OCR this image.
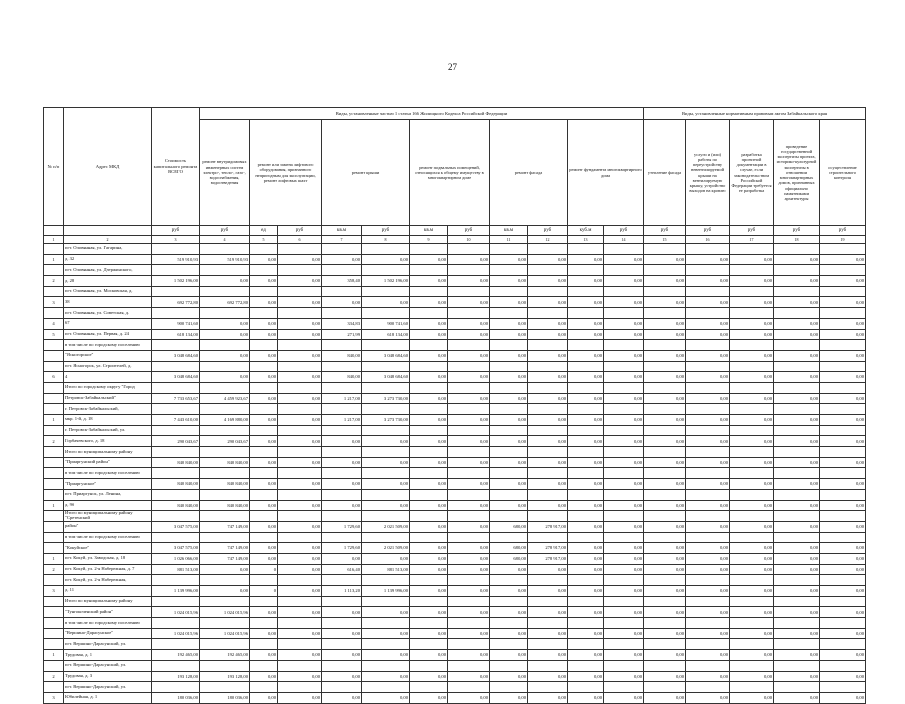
27
№ п/п	Адрес МКД	Стоимость капитального ремонта ВСЕГО	Виды, установленные частью 1 статьи 166 Жилищного Кодекса Российской Федерации											Виды, установленные нормативным правовым актом Забайкальского края				
			ремонт внутридомовых инженерных систем электро-, тепло-, газо-, водоснабжения, водоотведения	ремонт или замена лифтового оборудования, признанного непригодным для эксплуатации, ремонт лифтовых шахт		ремонт крыши		ремонт подвальных помещений, относящихся к общему имуществу в многоквартирном доме		ремонт фасада		ремонт фундамента многоквартирного дома		утепление фасада	услуги и (или) работы по переустройству невентилируемой крыши на вентилируемую крышу, устройство выходов на кровлю	разработка проектной документации в случае, если законодательством Российской Федерации требуется ее разработка	проведение государственной экспертизы проекта, историко-культурной экспертизы в отношении многоквартирных домов, признанных официально памятниками архитектуры	осуществление строительного контроля
		руб	руб	ед	руб	кв.м	руб	кв.м	руб	кв.м	руб	куб.м	руб	руб	руб	руб	руб	руб
1	2	3	4	5	6	7	8	9	10	11	12	13	14	15	16	17	18	19
	пгт. Оловянная, ул. Гагарина,																	
1	д. 32	519 910,93	519 910,93	0,00	0,00	0,00	0,00	0,00	0,00	0,00	0,00	0,00	0,00	0,00	0,00	0,00	0,00	0,00
	пгт. Оловянная, ул. Дзержинского,																	
2	д. 28	1 502 196,00	0,00	0,00	0,00	358,40	1 502 196,00	0,00	0,00	0,00	0,00	0,00	0,00	0,00	0,00	0,00	0,00	0,00
	пгт. Оловянная, ул. Московская, д.																	
3	38	692 772,80	692 772,80	0,00	0,00	0,00	0,00	0,00	0,00	0,00	0,00	0,00	0,00	0,00	0,00	0,00	0,00	0,00
	пгт. Оловянная, ул. Советская, д.																	
4	67	900 741,60	0,00	0,00	0,00	334,83	900 741,60	0,00	0,00	0,00	0,00	0,00	0,00	0,00	0,00	0,00	0,00	0,00
5	пгт. Оловянная, ул. Первая, д. 24	618 134,00	0,00	0,00	0,00	271,99	618 134,00	0,00	0,00	0,00	0,00	0,00	0,00	0,00	0,00	0,00	0,00	0,00
	в том числе по городскому поселению																	
	"Ясногорское"	3 048 684,60	0,00	0,00	0,00	840,00	3 048 684,60	0,00	0,00	0,00	0,00	0,00	0,00	0,00	0,00	0,00	0,00	0,00
	пгт. Ясногорск, ул. Строителей, д.																	
6	4	3 048 684,60	0,00	0,00	0,00	840,00	3 048 684,60	0,00	0,00	0,00	0,00	0,00	0,00	0,00	0,00	0,00	0,00	0,00
	Итого по городскому округу "Город																	
	Петровск-Забайкальский"	7 733 653,67	4 459 923,67	0,00	0,00	1 217,00	3 273 730,00	0,00	0,00	0,00	0,00	0,00	0,00	0,00	0,00	0,00	0,00	0,00
	г. Петровск-Забайкальский,																	
1	мкр. 1-й, д. 18	7 443 610,00	4 169 880,00	0,00	0,00	1 217,00	3 273 730,00	0,00	0,00	0,00	0,00	0,00	0,00	0,00	0,00	0,00	0,00	0,00
	г. Петровск-Забайкальский, ул.																	
2	Горбачевского, д. 18	290 043,67	290 043,67	0,00	0,00	0,00	0,00	0,00	0,00	0,00	0,00	0,00	0,00	0,00	0,00	0,00	0,00	0,00
	Итого по муниципальному району																	
	"Приаргунский район"	840 840,00	840 840,00	0,00	0,00	0,00	0,00	0,00	0,00	0,00	0,00	0,00	0,00	0,00	0,00	0,00	0,00	0,00
	в том числе по городскому поселению																	
	"Приаргунское"	840 840,00	840 840,00	0,00	0,00	0,00	0,00	0,00	0,00	0,00	0,00	0,00	0,00	0,00	0,00	0,00	0,00	0,00
	пгт. Приаргунск, ул. Ленина,																	
1	д. 9б	840 840,00	840 840,00	0,00	0,00	0,00	0,00	0,00	0,00	0,00	0,00	0,00	0,00	0,00	0,00	0,00	0,00	0,00
	Итого по муниципальному району "Сретенский																	
	район"	3 047 575,00	747 149,00	0,00	0,00	1 729,60	2 021 509,00	0,00	0,00	680,00	278 917,00	0,00	0,00	0,00	0,00	0,00	0,00	0,00
	в том числе по городскому поселению																	
	"Кокуйское"	3 047 575,00	747 149,00	0,00	0,00	1 729,60	2 021 509,00	0,00	0,00	680,00	278 917,00	0,00	0,00	0,00	0,00	0,00	0,00	0,00
1	пгт. Кокуй, ул. Заводская, д. 18	1 026 066,00	747 149,00	0,00	0,00	0,00	0,00	0,00	0,00	680,00	278 917,00	0,00	0,00	0,00	0,00	0,00	0,00	0,00
2	пгт. Кокуй, ул. 2-я Набережная, д. 7	881 513,00	0,00	0	0,00	616,40	881 513,00	0,00	0,00	0,00	0,00	0,00	0,00	0,00	0,00	0,00	0,00	0,00
	пгт. Кокуй, ул. 2-я Набережная,																	
3	д. 11	1 139 996,00	0,00	0	0,00	1 113,20	1 139 996,00	0,00	0,00	0,00	0,00	0,00	0,00	0,00	0,00	0,00	0,00	0,00
	Итого по муниципальному району																	
	"Тунгокоченский район"	1 024 015,96	1 024 015,96	0,00	0,00	0,00	0,00	0,00	0,00	0,00	0,00	0,00	0,00	0,00	0,00	0,00	0,00	0,00
	в том числе по городскому поселению																	
	"Вершино-Дарасунское"	1 024 015,96	1 024 015,96	0,00	0,00	0,00	0,00	0,00	0,00	0,00	0,00	0,00	0,00	0,00	0,00	0,00	0,00	0,00
	пгт. Вершино-Дарасунский, ул.																	
1	Трудовая, д. 1	192 465,00	192 465,00	0,00	0,00	0,00	0,00	0,00	0,00	0,00	0,00	0,00	0,00	0,00	0,00	0,00	0,00	0,00
	пгт. Вершино-Дарасунский, ул.																	
2	Трудовая, д. 3	193 128,00	193 128,00	0,00	0,00	0,00	0,00	0,00	0,00	0,00	0,00	0,00	0,00	0,00	0,00	0,00	0,00	0,00
	пгт. Вершино-Дарасунский, ул.																	
3	Юбилейная, д. 1	180 036,00	180 036,00	0,00	0,00	0,00	0,00	0,00	0,00	0,00	0,00	0,00	0,00	0,00	0,00	0,00	0,00	0,00
